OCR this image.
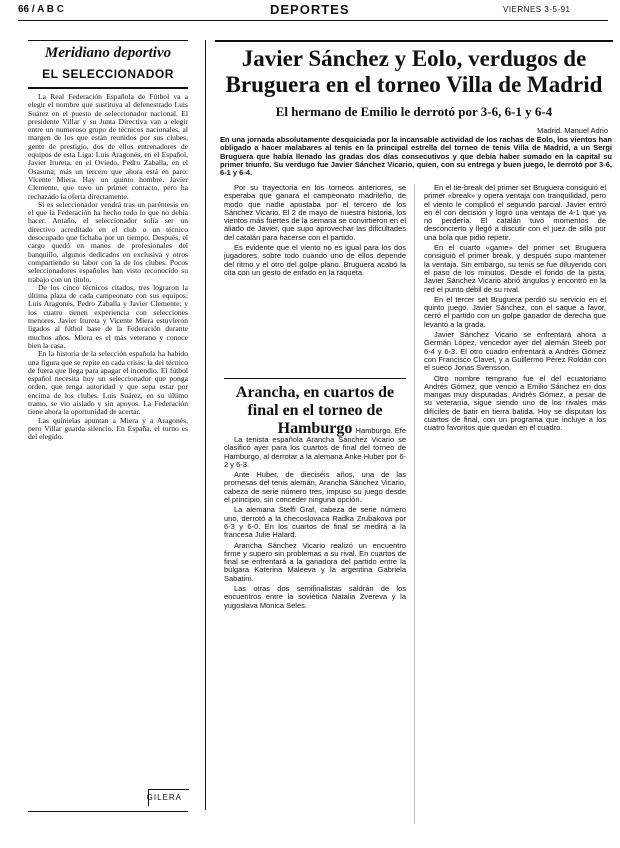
66 / A B C	DEPORTES	VIERNES 3-5-91
Meridiano deportivo
EL SELECCIONADOR

La Real Federación Española de Fútbol va a elegir el nombre que sustituya al defenestrado Luis Suárez en el puesto de seleccionador nacional. El presidente Villar y su Junta Directiva van a elegir entre un numeroso grupo de técnicos nacionales, al margen de los que están reunidos por sus clubes, gente de prestigio, dos de ellos entrenadores de equipos de esta Liga: Luis Aragonés, en el Español, Javier Irureta, en el Oviedo, Pedro Zaballa, en el Osasuna; más un tercero que ahora está en paro: Vicente Miera. Hay un quinto hombre, Javier Clemente, que tuvo un primer contacto, pero ha rechazado la oferta directamente.

Si es seleccionador vendrá tras un paréntesis en el que la Federación ha hecho todo lo que no debía hacer. Antaño, el seleccionador solía ser un directivo acreditado en el club o un técnico desocupado que fichaba por un tiempo. Después, el cargo quedó en manos de profesionales del banquillo, algunos dedicados en exclusiva y otros compartiendo su labor con la de los clubes. Pocos seleccionadores españoles han visto reconocido su trabajo con un título.

De los cinco técnicos citados, tres lograron la última plaza de cada campeonato con sus equipos: Luis Aragonés, Pedro Zaballa y Javier Clemente; y los cuatro tienen experiencia con selecciones menores. Javier Irureta y Vicente Miera estuvieron ligados al fútbol base de la Federación durante muchos años. Miera es el más veterano y conoce bien la casa.

En la historia de la selección española ha habido una figura que se repite en cada crisis: la del técnico de fuera que llega para apagar el incendio. El fútbol español necesita hoy un seleccionador que ponga orden, que tenga autoridad y que sepa estar por encima de los clubes. Luis Suárez, en su último tramo, se vio aislado y sin apoyos. La Federación tiene ahora la oportunidad de acertar.

Las quinielas apuntan a Miera y a Aragonés, pero Villar guarda silencio. En España, el turno es del elegido.

GILERA
Javier Sánchez y Eolo, verdugos de Bruguera en el torneo Villa de Madrid
El hermano de Emilio le derrotó por 3-6, 6-1 y 6-4
Madrid. Manuel Adrio
En una jornada absolutamente desquiciada por la incansable actividad de los rachas de Eolo, los vientos han obligado a hacer malabares al tenis en la principal estrella del torneo de tenis Villa de Madrid, a un Sergi Bruguera que había llenado las gradas dos días consecutivos y que debía haber sumado en la capital su primer triunfo. Su verdugo fue Javier Sánchez Vicario, quien, con su entrega y buen juego, le derrotó por 3-6, 6-1 y 6-4.

Por su trayectoria en los torneos anteriores, se esperaba que ganara el campeonato madrileño, de modo que nadie apostaba por el tercero de los Sánchez Vicario. El 2 de mayo de nuestra historia, los vientos más fuertes de la semana se convirtieron en el aliado de Javier, que supo aprovechar las dificultades del catalán para hacerse con el partido.

Es evidente que el viento no es igual para los dos jugadores, sobre todo cuando uno de ellos depende del ritmo y el otro del golpe plano. Bruguera acabó la cita con un gesto de enfado en la raqueta.

En el tie-break del primer set Bruguera consiguió el primer «break» y opera ventaja con tranquilidad, pero el viento le complicó el segundo parcial. Javier entró en él con decisión y logró una ventaja de 4-1 que ya no perdería. El catalán tuvo momentos de desconcierto y llegó a discutir con el juez de silla por una bola que pidió repetir.

En el cuarto «game» del primer set Bruguera consiguió el primer break, y después supo mantener la ventaja. Sin embargo, su tenis se fue diluyendo con el paso de los minutos. Desde el fondo de la pista, Javier Sánchez Vicario abrió ángulos y encontró en la red el punto débil de su rival.

En el tercer set Bruguera perdió su servicio en el quinto juego. Javier Sánchez, con el saque a favor, cerró el partido con un golpe ganador de derecha que levantó a la grada.

Javier Sánchez Vicario se enfrentará ahora a Germán López, vencedor ayer del alemán Steeb por 6-4 y 6-3. El otro cuadro enfrentará a Andrés Gómez con Francisco Clavet, y a Guillermo Pérez Roldán con el sueco Jonas Svensson.

Otro nombre temprano fue el del ecuatoriano Andrés Gómez, que venció a Emilio Sánchez en dos mangas muy disputadas. Andrés Gómez, a pesar de su veteranía, sigue siendo uno de los rivales más difíciles de batir en tierra batida. Hoy se disputan los cuartos de final, con un programa que incluye a los cuatro favoritos que quedan en el cuadro.

Arancha, en cuartos de final en el torneo de Hamburgo Hamburgo. Efe

La tenista española Arancha Sánchez Vicario se clasificó ayer para los cuartos de final del torneo de Hamburgo, al derrotar a la alemana Anke Huber por 6-2 y 6-3.

Ante Huber, de dieciséis años, una de las promesas del tenis alemán, Arancha Sánchez Vicario, cabeza de serie número tres, impuso su juego desde el principio, sin conceder ninguna opción.

La alemana Steffi Graf, cabeza de serie número uno, derrotó a la checoslovaca Radka Zrubakova por 6-3 y 6-0. En los cuartos de final se medirá a la francesa Julie Halard.

Arancha Sánchez Vicario realizó un encuentro firme y supero sin problemas a su rival. En cuartos de final se enfrentará a la ganadora del partido entre la búlgara Katerina Maleeva y la argentina Gabriela Sabatini.

Las otras dos semifinalistas saldrán de los encuentros entre la soviética Natalia Zvereva y la yugoslava Monica Seles.
